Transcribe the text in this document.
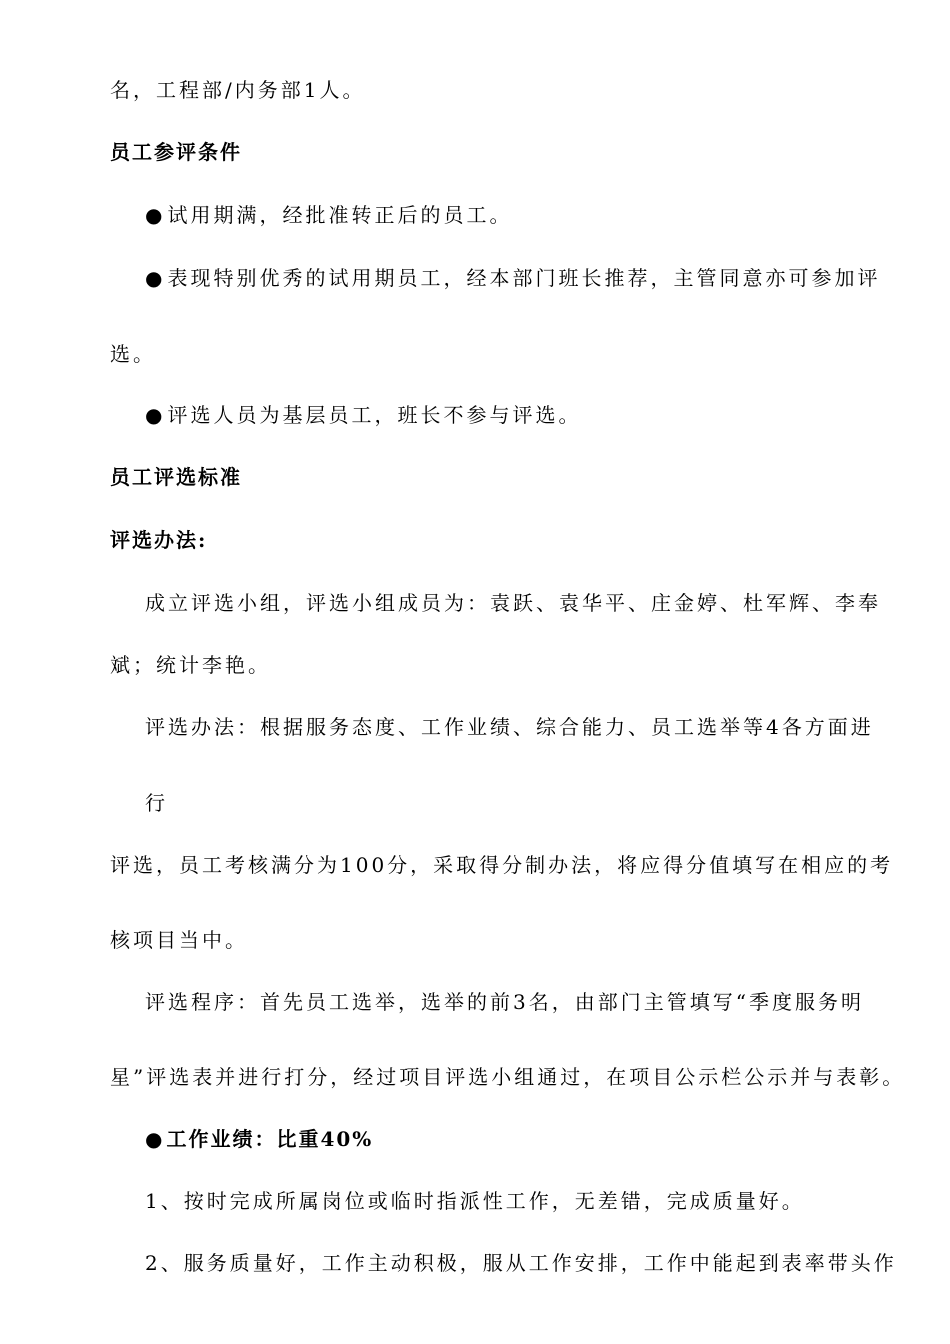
名，工程部/内务部1人。
员工参评条件
● 试用期满，经批准转正后的员工。
● 表现特别优秀的试用期员工，经本部门班长推荐，主管同意亦可参加评
选。
● 评选人员为基层员工，班长不参与评选。
员工评选标准
评选办法:
成立评选小组，评选小组成员为：袁跃、袁华平、庄金婷、杜军辉、李奉
斌；统计李艳。
评选办法：根据服务态度、工作业绩、综合能力、员工选举等4各方面进
行
评选，员工考核满分为100分，采取得分制办法，将应得分值填写在相应的考
核项目当中。
评选程序：首先员工选举，选举的前3名，由部门主管填写“季度服务明
星”评选表并进行打分，经过项目评选小组通过，在项目公示栏公示并与表彰。
● 工作业绩：比重40%
1、按时完成所属岗位或临时指派性工作，无差错，完成质量好。
2、服务质量好，工作主动积极，服从工作安排，工作中能起到表率带头作
